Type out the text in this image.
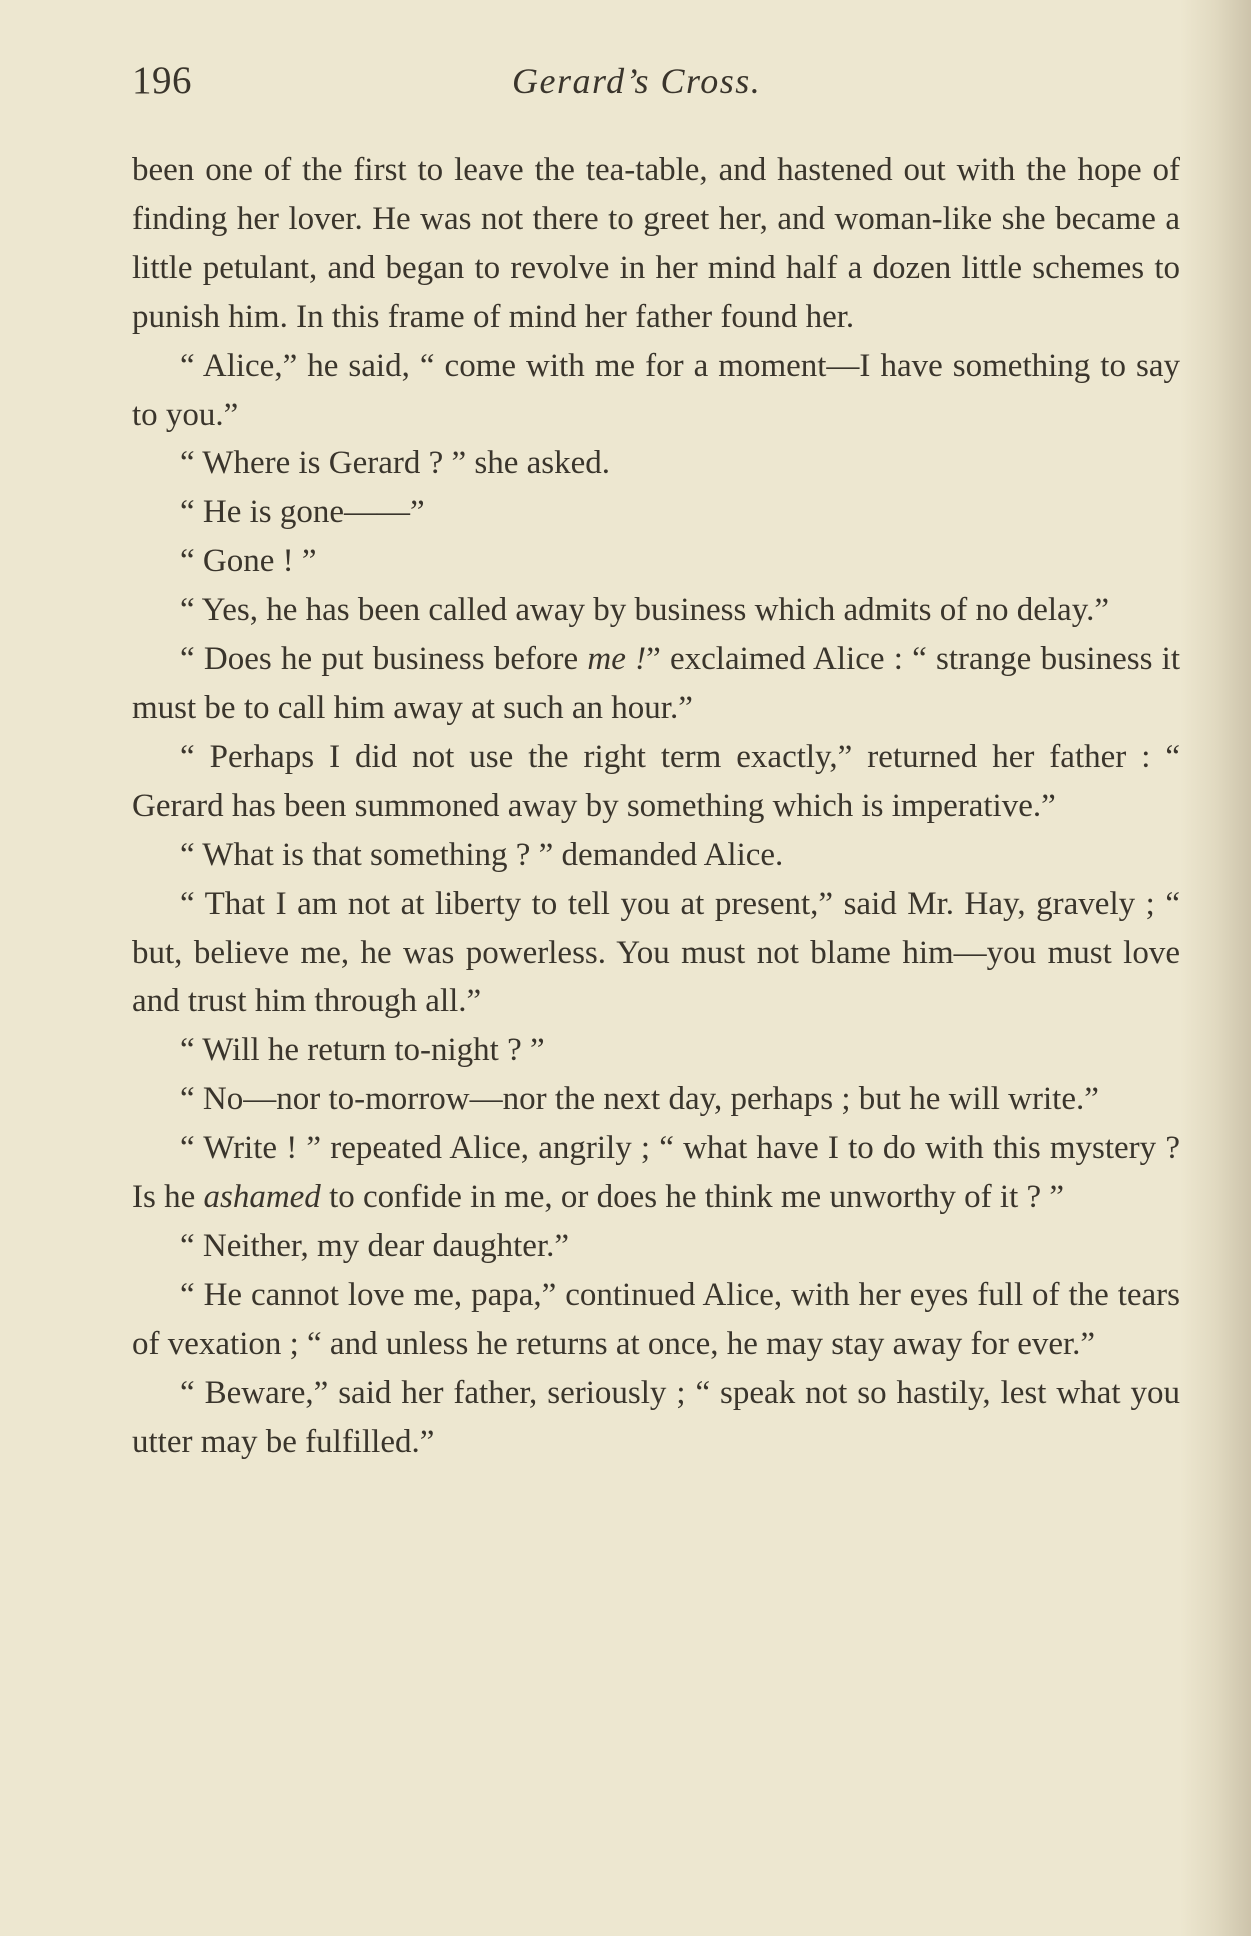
196	Gerard’s Cross.

been one of the first to leave the tea-table, and hastened out with the hope of finding her lover. He was not there to greet her, and woman-like she became a little petulant, and began to revolve in her mind half a dozen little schemes to punish him. In this frame of mind her father found her.

“ Alice,” he said, “ come with me for a moment—I have something to say to you.”

“ Where is Gerard ? ” she asked.

“ He is gone——”

“ Gone ! ”

“ Yes, he has been called away by business which admits of no delay.”

“ Does he put business before me !” exclaimed Alice : “ strange business it must be to call him away at such an hour.”

“ Perhaps I did not use the right term exactly,” returned her father : “ Gerard has been summoned away by something which is imperative.”

“ What is that something ? ” demanded Alice.

“ That I am not at liberty to tell you at present,” said Mr. Hay, gravely ; “ but, believe me, he was powerless. You must not blame him—you must love and trust him through all.”

“ Will he return to-night ? ”

“ No—nor to-morrow—nor the next day, perhaps ; but he will write.”

“ Write ! ” repeated Alice, angrily ; “ what have I to do with this mystery ? Is he ashamed to confide in me, or does he think me unworthy of it ? ”

“ Neither, my dear daughter.”

“ He cannot love me, papa,” continued Alice, with her eyes full of the tears of vexation ; “ and unless he returns at once, he may stay away for ever.”

“ Beware,” said her father, seriously ; “ speak not so hastily, lest what you utter may be fulfilled.”
